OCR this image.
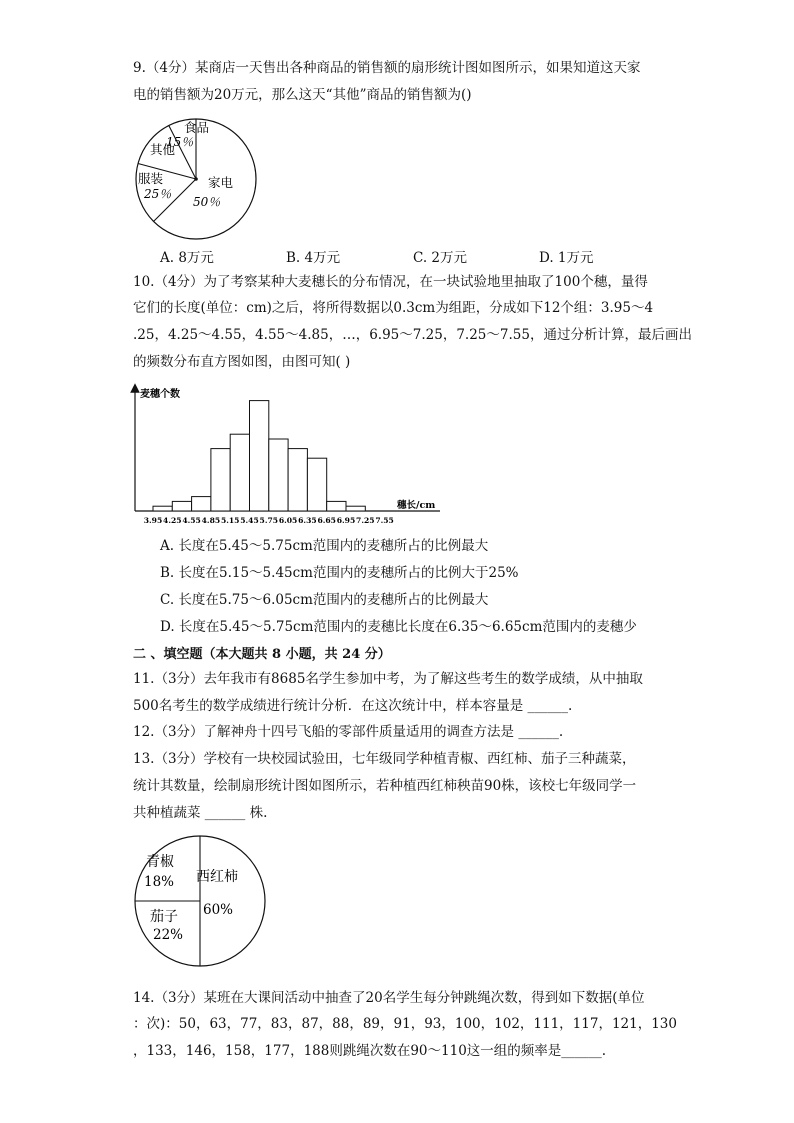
9.（4分）某商店一天售出各种商品的销售额的扇形统计图如图所示，如果知道这天家
电的销售额为20万元，那么这天“其他”商品的销售额为()
食品
15％
其他
服装
25％
家电
50％
A. 8万元	B. 4万元	C. 2万元	D. 1万元
10.（4分）为了考察某种大麦穗长的分布情况，在一块试验地里抽取了100个穗，量得
它们的长度(单位：cm)之后，将所得数据以0.3cm为组距，分成如下12个组：3.95～4
.25，4.25～4.55，4.55～4.85，…，6.95～7.25，7.25～7.55，通过分析计算，最后画出
的频数分布直方图如图，由图可知( )
麦穗个数
穗长/cm
3.95 4.25 4.55 4.85 5.15 5.45 5.75 6.05 6.35 6.65 6.95 7.25 7.55
A. 长度在5.45～5.75cm范围内的麦穗所占的比例最大
B. 长度在5.15～5.45cm范围内的麦穗所占的比例大于25%
C. 长度在5.75～6.05cm范围内的麦穗所占的比例最大
D. 长度在5.45～5.75cm范围内的麦穗比长度在6.35～6.65cm范围内的麦穗少
二 、填空题（本大题共 8 小题，共 24 分）
11.（3分）去年我市有8685名学生参加中考，为了解这些考生的数学成绩，从中抽取
500名考生的数学成绩进行统计分析．在这次统计中，样本容量是 ______.
12.（3分）了解神舟十四号飞船的零部件质量适用的调查方法是 ______.
13.（3分）学校有一块校园试验田，七年级同学种植青椒、西红柿、茄子三种蔬菜，
统计其数量，绘制扇形统计图如图所示，若种植西红柿秧苗90株，该校七年级同学一
共种植蔬菜 ______ 株.
青椒
18% 西红柿
60%
茄子
22%
14.（3分）某班在大课间活动中抽查了20名学生每分钟跳绳次数，得到如下数据(单位
：次)：50，63，77，83，87，88，89，91，93，100，102，111，117，121，130
，133，146，158，177，188则跳绳次数在90～110这一组的频率是______.
